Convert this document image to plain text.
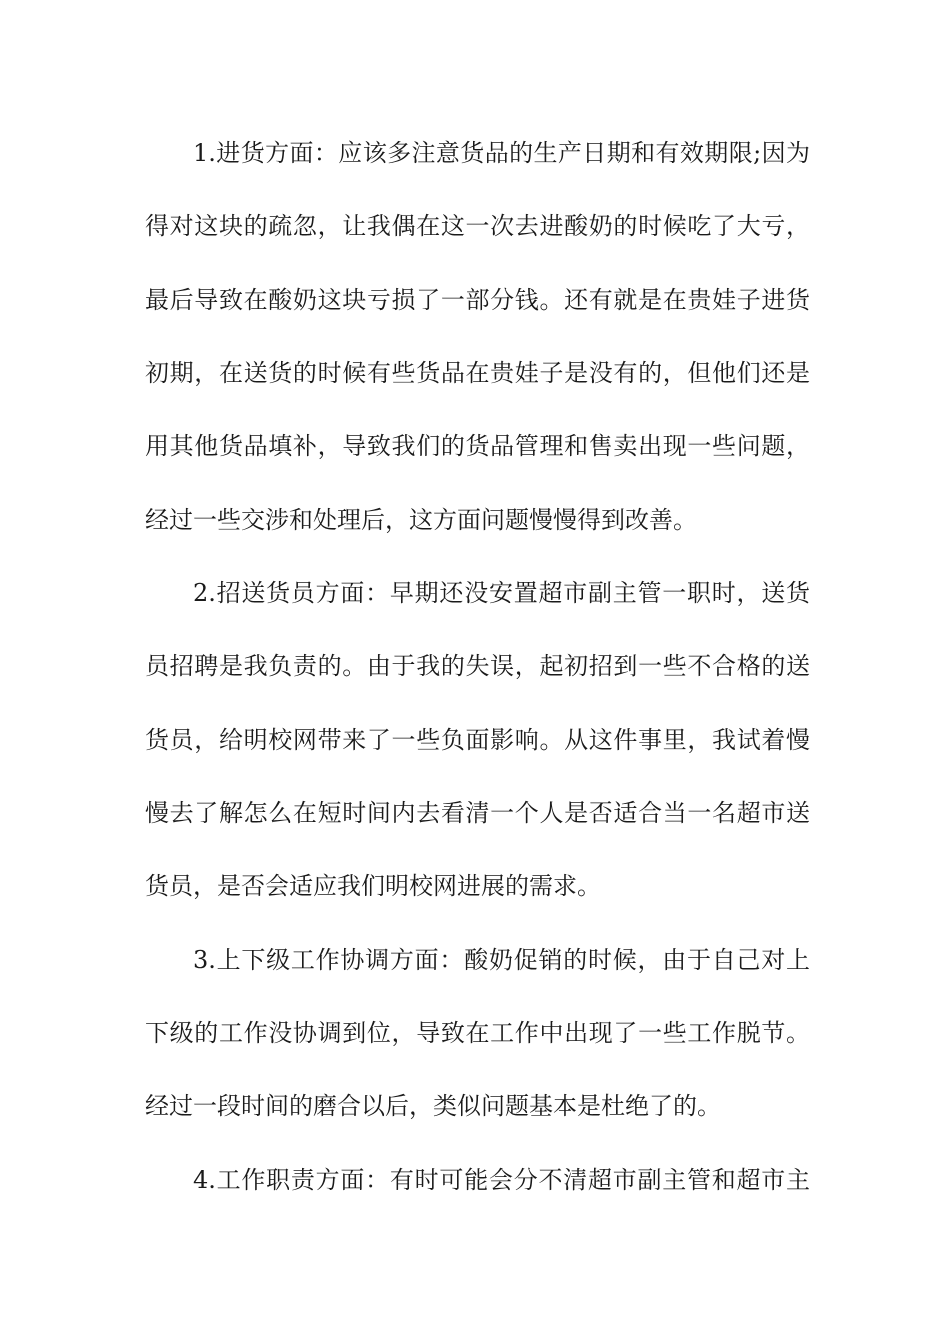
1.进货方面：应该多注意货品的生产日期和有效期限;因为
得对这块的疏忽，让我偶在这一次去进酸奶的时候吃了大亏，
最后导致在酸奶这块亏损了一部分钱。还有就是在贵娃子进货
初期，在送货的时候有些货品在贵娃子是没有的，但他们还是
用其他货品填补，导致我们的货品管理和售卖出现一些问题，
经过一些交涉和处理后，这方面问题慢慢得到改善。
2.招送货员方面：早期还没安置超市副主管一职时，送货
员招聘是我负责的。由于我的失误，起初招到一些不合格的送
货员，给明校网带来了一些负面影响。从这件事里，我试着慢
慢去了解怎么在短时间内去看清一个人是否适合当一名超市送
货员，是否会适应我们明校网进展的需求。
3.上下级工作协调方面：酸奶促销的时候，由于自己对上
下级的工作没协调到位，导致在工作中出现了一些工作脱节。
经过一段时间的磨合以后，类似问题基本是杜绝了的。
4.工作职责方面：有时可能会分不清超市副主管和超市主
